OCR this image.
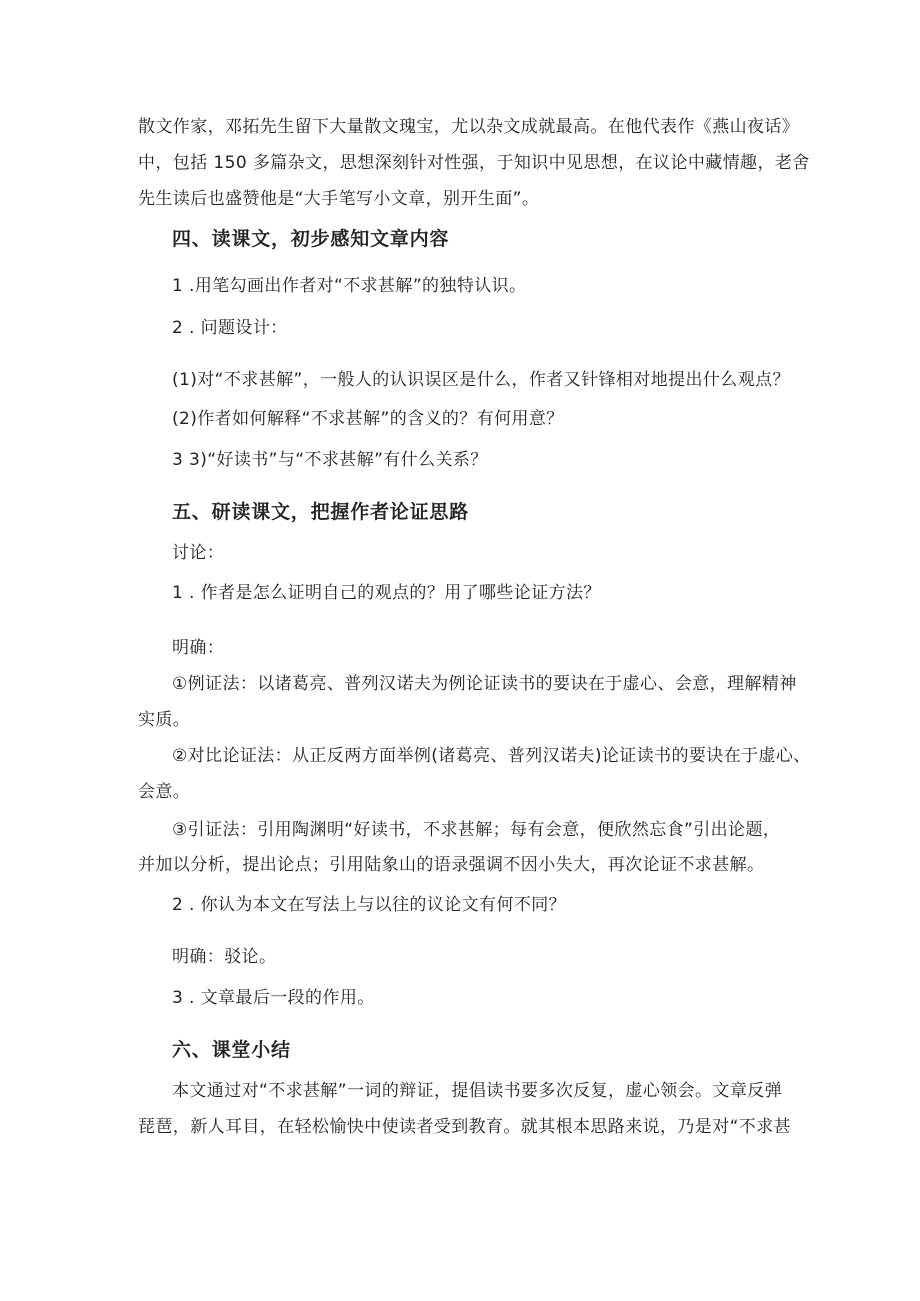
散文作家，邓拓先生留下大量散文瑰宝，尤以杂文成就最高。在他代表作《燕山夜话》
中，包括 150 多篇杂文，思想深刻针对性强，于知识中见思想，在议论中藏情趣，老舍
先生读后也盛赞他是“大手笔写小文章，别开生面”。
四、读课文，初步感知文章内容
1 .用笔勾画出作者对“不求甚解”的独特认识。
2 . 问题设计：
(1)对“不求甚解”，一般人的认识误区是什么，作者又针锋相对地提出什么观点？
(2)作者如何解释“不求甚解”的含义的？有何用意？
3 3)“好读书”与“不求甚解”有什么关系？
五、研读课文，把握作者论证思路
讨论：
1 . 作者是怎么证明自己的观点的？用了哪些论证方法？
明确：
①例证法：以诸葛亮、普列汉诺夫为例论证读书的要诀在于虚心、会意，理解精神
实质。
②对比论证法：从正反两方面举例(诸葛亮、普列汉诺夫)论证读书的要诀在于虚心、
会意。
③引证法：引用陶渊明“好读书，不求甚解；每有会意，便欣然忘食”引出论题，
并加以分析，提出论点；引用陆象山的语录强调不因小失大，再次论证不求甚解。
2 . 你认为本文在写法上与以往的议论文有何不同？
明确：驳论。
3 . 文章最后一段的作用。
六、课堂小结
本文通过对“不求甚解”一词的辩证，提倡读书要多次反复，虚心领会。文章反弹
琵琶，新人耳目，在轻松愉快中使读者受到教育。就其根本思路来说，乃是对“不求甚
